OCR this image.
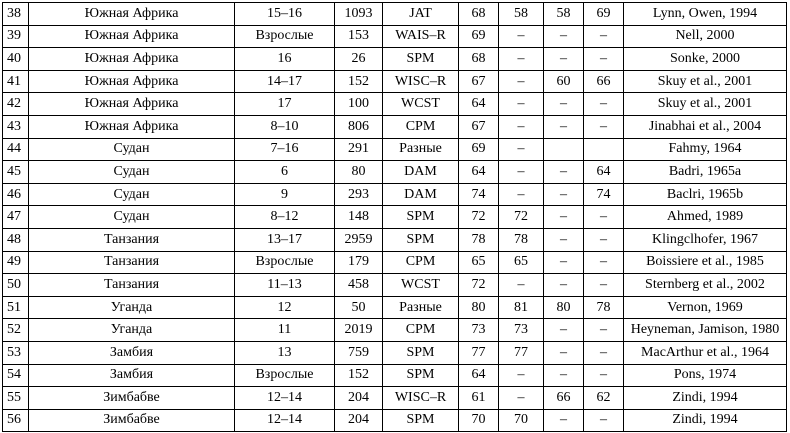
38	Южная Африка	15–16	1093	JAT	68	58	58	69	Lynn, Owen, 1994
39	Южная Африка	Взрослые	153	WAIS–R	69	–	–	–	Nell, 2000
40	Южная Африка	16	26	SPM	68	–	–	–	Sonke, 2000
41	Южная Африка	14–17	152	WISC–R	67	–	60	66	Skuy et al., 2001
42	Южная Африка	17	100	WCST	64	–	–	–	Skuy et al., 2001
43	Южная Африка	8–10	806	CPM	67	–	–	–	Jinabhai et al., 2004
44	Судан	7–16	291	Разные	69	–			Fahmy, 1964
45	Судан	6	80	DAM	64	–	–	64	Badri, 1965a
46	Судан	9	293	DAM	74	–	–	74	Baclri, 1965b
47	Судан	8–12	148	SPM	72	72	–	–	Ahmed, 1989
48	Танзания	13–17	2959	SPM	78	78	–	–	Klingclhofer, 1967
49	Танзания	Взрослые	179	CPM	65	65	–	–	Boissiere et al., 1985
50	Танзания	11–13	458	WCST	72	–	–	–	Sternberg et al., 2002
51	Уганда	12	50	Разные	80	81	80	78	Vernon, 1969
52	Уганда	11	2019	CPM	73	73	–	–	Heyneman, Jamison, 1980
53	Замбия	13	759	SPM	77	77	–	–	MacArthur et al., 1964
54	Замбия	Взрослые	152	SPM	64	–	–	–	Pons, 1974
55	Зимбабве	12–14	204	WISC–R	61	–	66	62	Zindi, 1994
56	Зимбабве	12–14	204	SPM	70	70	–	–	Zindi, 1994
